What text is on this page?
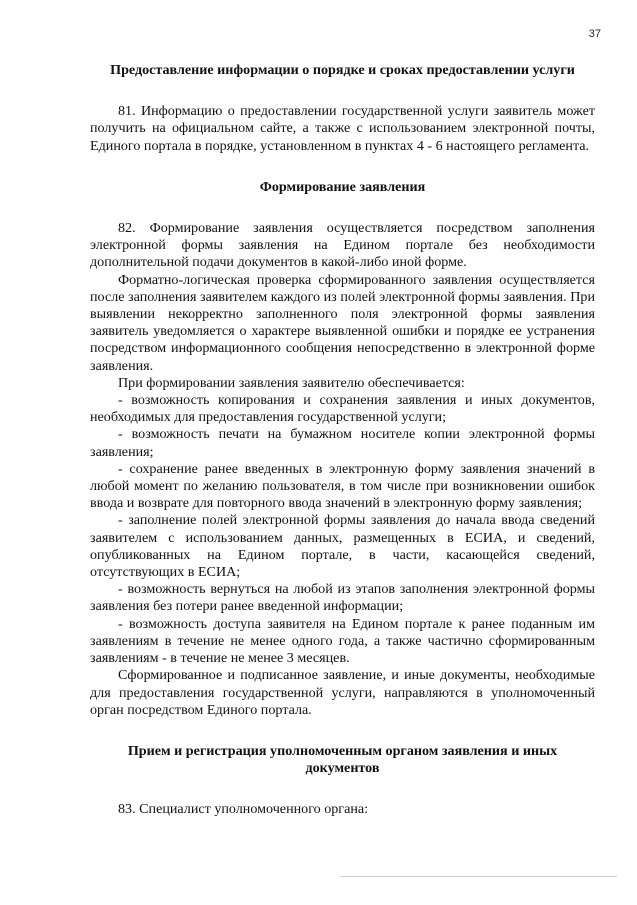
37
Предоставление информации о порядке и сроках предоставлении услуги

81. Информацию о предоставлении государственной услуги заявитель может получить на официальном сайте, а также с использованием электронной почты, Единого портала в порядке, установленном в пунктах 4 - 6 настоящего регламента.

Формирование заявления

82. Формирование заявления осуществляется посредством заполнения электронной формы заявления на Едином портале без необходимости дополнительной подачи документов в какой-либо иной форме.

Форматно-логическая проверка сформированного заявления осуществляется после заполнения заявителем каждого из полей электронной формы заявления. При выявлении некорректно заполненного поля электронной формы заявления заявитель уведомляется о характере выявленной ошибки и порядке ее устранения посредством информационного сообщения непосредственно в электронной форме заявления.

При формировании заявления заявителю обеспечивается:

- возможность копирования и сохранения заявления и иных документов, необходимых для предоставления государственной услуги;

- возможность печати на бумажном носителе копии электронной формы заявления;

- сохранение ранее введенных в электронную форму заявления значений в любой момент по желанию пользователя, в том числе при возникновении ошибок ввода и возврате для повторного ввода значений в электронную форму заявления;

- заполнение полей электронной формы заявления до начала ввода сведений заявителем с использованием данных, размещенных в ЕСИА, и сведений, опубликованных на Едином портале, в части, касающейся сведений, отсутствующих в ЕСИА;

- возможность вернуться на любой из этапов заполнения электронной формы заявления без потери ранее введенной информации;

- возможность доступа заявителя на Едином портале к ранее поданным им заявлениям в течение не менее одного года, а также частично сформированным заявлениям - в течение не менее 3 месяцев.

Сформированное и подписанное заявление, и иные документы, необходимые для предоставления государственной услуги, направляются в уполномоченный орган посредством Единого портала.

Прием и регистрация уполномоченным органом заявления и иных документов

83. Специалист уполномоченного органа:
